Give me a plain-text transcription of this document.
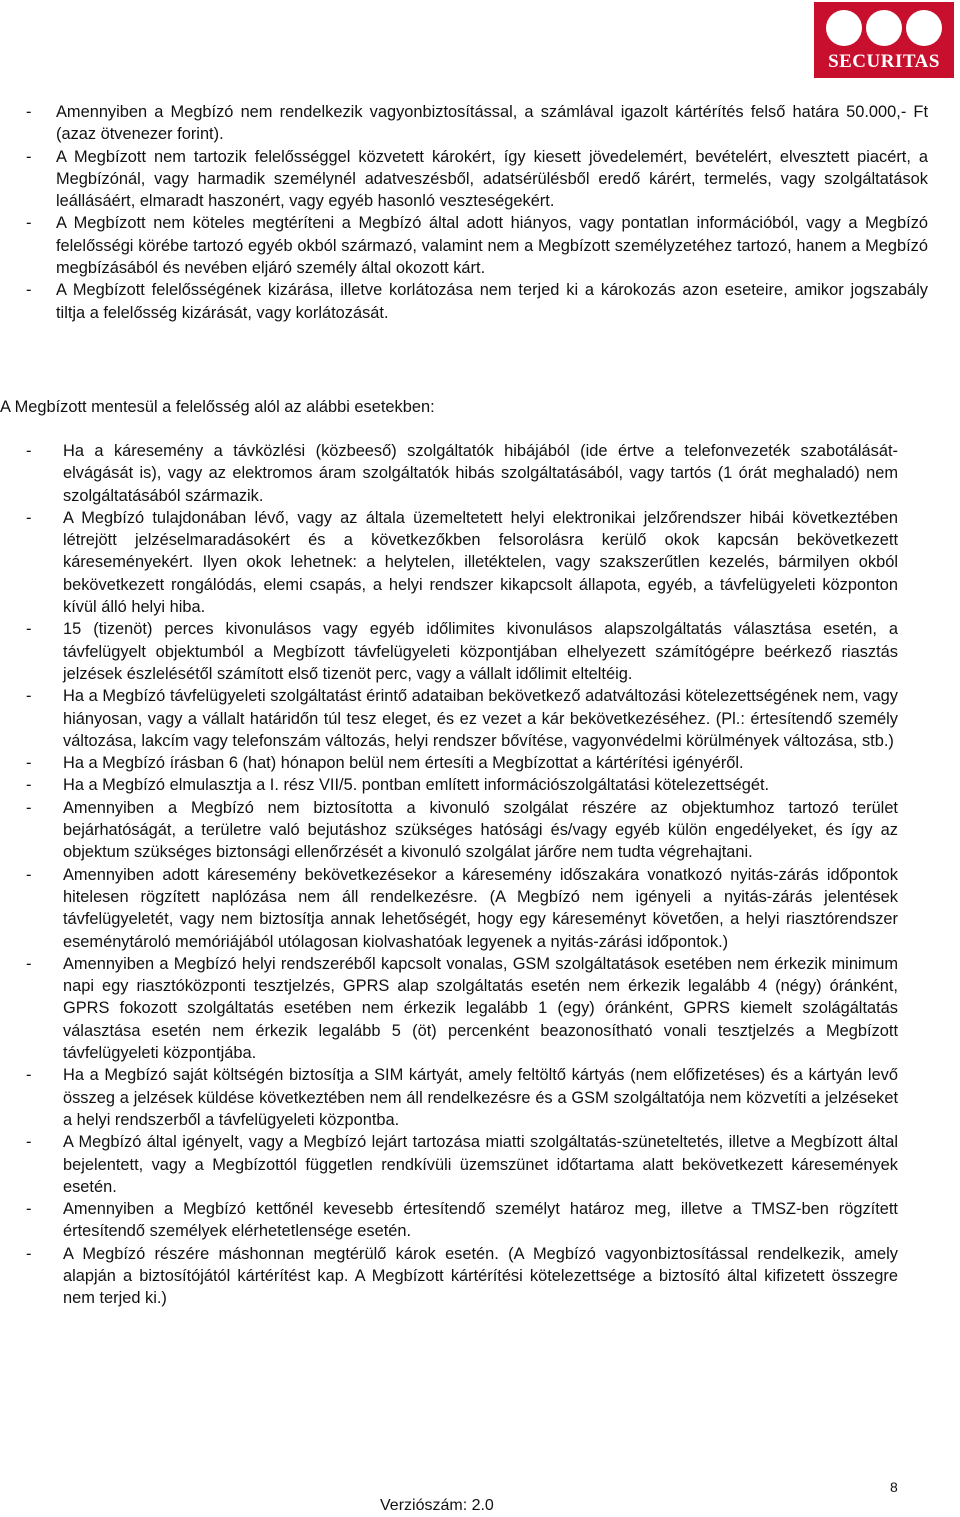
SECURITAS
- Amennyiben a Megbízó nem rendelkezik vagyonbiztosítással, a számlával igazolt kártérítés felső határa 50.000,- Ft (azaz ötvenezer forint).
- A Megbízott nem tartozik felelősséggel közvetett károkért, így kiesett jövedelemért, bevételért, elvesztett piacért, a Megbízónál, vagy harmadik személynél adatveszésből, adatsérülésből eredő kárért, termelés, vagy szolgáltatások leállásáért, elmaradt haszonért, vagy egyéb hasonló veszteségekért.
- A Megbízott nem köteles megtéríteni a Megbízó által adott hiányos, vagy pontatlan információból, vagy a Megbízó felelősségi körébe tartozó egyéb okból származó, valamint nem a Megbízott személyzetéhez tartozó, hanem a Megbízó megbízásából és nevében eljáró személy által okozott kárt.
- A Megbízott felelősségének kizárása, illetve korlátozása nem terjed ki a károkozás azon eseteire, amikor jogszabály tiltja a felelősség kizárását, vagy korlátozását.
A Megbízott mentesül a felelősség alól az alábbi esetekben:
- Ha a káresemény a távközlési (közbeeső) szolgáltatók hibájából (ide értve a telefonvezeték szabotálását- elvágását is), vagy az elektromos áram szolgáltatók hibás szolgáltatásából, vagy tartós (1 órát meghaladó) nem szolgáltatásából származik.
- A Megbízó tulajdonában lévő, vagy az általa üzemeltetett helyi elektronikai jelzőrendszer hibái következtében létrejött jelzéselmaradásokért és a következőkben felsorolásra kerülő okok kapcsán bekövetkezett káreseményekért. Ilyen okok lehetnek: a helytelen, illetéktelen, vagy szakszerűtlen kezelés, bármilyen okból bekövetkezett rongálódás, elemi csapás, a helyi rendszer kikapcsolt állapota, egyéb, a távfelügyeleti központon kívül álló helyi hiba.
- 15 (tizenöt) perces kivonulásos vagy egyéb időlimites kivonulásos alapszolgáltatás választása esetén, a távfelügyelt objektumból a Megbízott távfelügyeleti központjában elhelyezett számítógépre beérkező riasztás jelzések észlelésétől számított első tizenöt perc, vagy a vállalt időlimit elteltéig.
- Ha a Megbízó távfelügyeleti szolgáltatást érintő adataiban bekövetkező adatváltozási kötelezettségének nem, vagy hiányosan, vagy a vállalt határidőn túl tesz eleget, és ez vezet a kár bekövetkezéséhez. (Pl.: értesítendő személy változása, lakcím vagy telefonszám változás, helyi rendszer bővítése, vagyonvédelmi körülmények változása, stb.)
- Ha a Megbízó írásban 6 (hat) hónapon belül nem értesíti a Megbízottat a kártérítési igényéről.
- Ha a Megbízó elmulasztja a I. rész VII/5. pontban említett információszolgáltatási kötelezettségét.
- Amennyiben a Megbízó nem biztosította a kivonuló szolgálat részére az objektumhoz tartozó terület bejárhatóságát, a területre való bejutáshoz szükséges hatósági és/vagy egyéb külön engedélyeket, és így az objektum szükséges biztonsági ellenőrzését a kivonuló szolgálat járőre nem tudta végrehajtani.
- Amennyiben adott káresemény bekövetkezésekor a káresemény időszakára vonatkozó nyitás-zárás időpontok hitelesen rögzített naplózása nem áll rendelkezésre. (A Megbízó nem igényeli a nyitás-zárás jelentések távfelügyeletét, vagy nem biztosítja annak lehetőségét, hogy egy káreseményt követően, a helyi riasztórendszer eseménytároló memóriájából utólagosan kiolvashatóak legyenek a nyitás-zárási időpontok.)
- Amennyiben a Megbízó helyi rendszeréből kapcsolt vonalas, GSM szolgáltatások esetében nem érkezik minimum napi egy riasztóközponti tesztjelzés, GPRS alap szolgáltatás esetén nem érkezik legalább 4 (négy) óránként, GPRS fokozott szolgáltatás esetében nem érkezik legalább 1 (egy) óránként, GPRS kiemelt szolágáltatás választása esetén nem érkezik legalább 5 (öt) percenként beazonosítható vonali tesztjelzés a Megbízott távfelügyeleti központjába.
- Ha a Megbízó saját költségén biztosítja a SIM kártyát, amely feltöltő kártyás (nem előfizetéses) és a kártyán levő összeg a jelzések küldése következtében nem áll rendelkezésre és a GSM szolgáltatója nem közvetíti a jelzéseket a helyi rendszerből a távfelügyeleti központba.
- A Megbízó által igényelt, vagy a Megbízó lejárt tartozása miatti szolgáltatás-szüneteltetés, illetve a Megbízott által bejelentett, vagy a Megbízottól független rendkívüli üzemszünet időtartama alatt bekövetkezett káresemények esetén.
- Amennyiben a Megbízó kettőnél kevesebb értesítendő személyt határoz meg, illetve a TMSZ-ben rögzített értesítendő személyek elérhetetlensége esetén.
- A Megbízó részére máshonnan megtérülő károk esetén. (A Megbízó vagyonbiztosítással rendelkezik, amely alapján a biztosítójától kártérítést kap. A Megbízott kártérítési kötelezettsége a biztosító által kifizetett összegre nem terjed ki.)
8
Verziószám: 2.0
